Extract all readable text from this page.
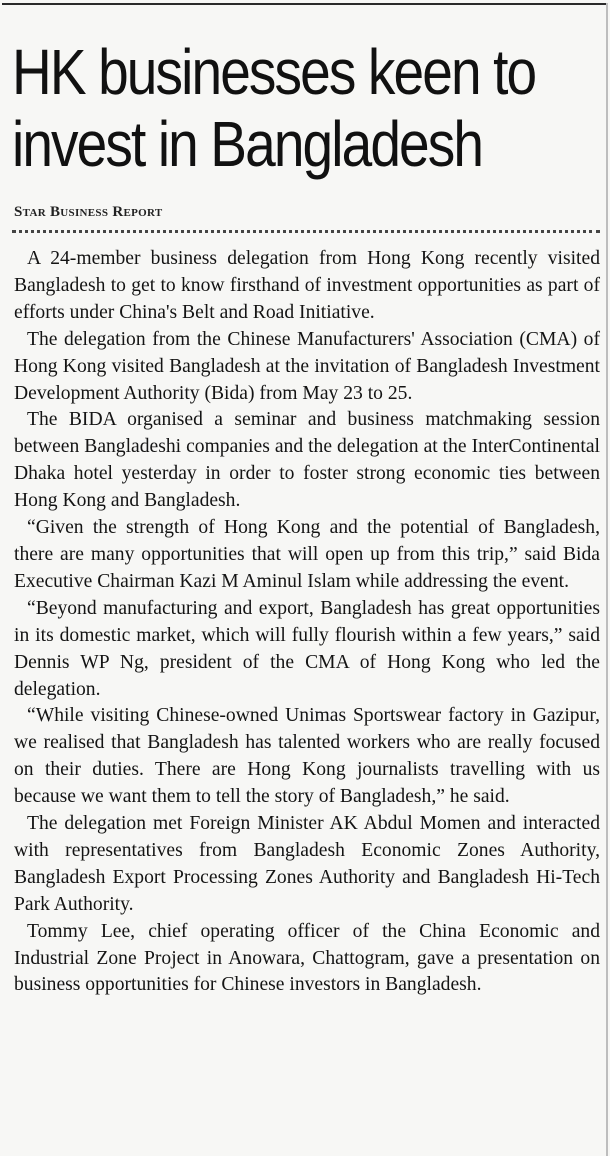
HK businesses keen to
invest in Bangladesh
Star Business Report

A 24-member business delegation from Hong Kong recently visited Bangladesh to get to know firsthand of investment opportunities as part of efforts under China's Belt and Road Initiative.

The delegation from the Chinese Manufacturers' Association (CMA) of Hong Kong visited Bangladesh at the invitation of Bangladesh Investment Development Authority (Bida) from May 23 to 25.

The BIDA organised a seminar and business matchmaking session between Bangladeshi companies and the delegation at the InterContinental Dhaka hotel yesterday in order to foster strong economic ties between Hong Kong and Bangladesh.

“Given the strength of Hong Kong and the potential of Bangladesh, there are many opportunities that will open up from this trip,” said Bida Executive Chairman Kazi M Aminul Islam while addressing the event.

“Beyond manufacturing and export, Bangladesh has great opportunities in its domestic market, which will fully flourish within a few years,” said Dennis WP Ng, president of the CMA of Hong Kong who led the delegation.

“While visiting Chinese-owned Unimas Sportswear factory in Gazipur, we realised that Bangladesh has talented workers who are really focused on their duties. There are Hong Kong journalists travelling with us because we want them to tell the story of Bangladesh,” he said.

The delegation met Foreign Minister AK Abdul Momen and interacted with representatives from Bangladesh Economic Zones Authority, Bangladesh Export Processing Zones Authority and Bangladesh Hi-Tech Park Authority.

Tommy Lee, chief operating officer of the China Economic and Industrial Zone Project in Anowara, Chattogram, gave a presentation on business opportunities for Chinese investors in Bangladesh.
